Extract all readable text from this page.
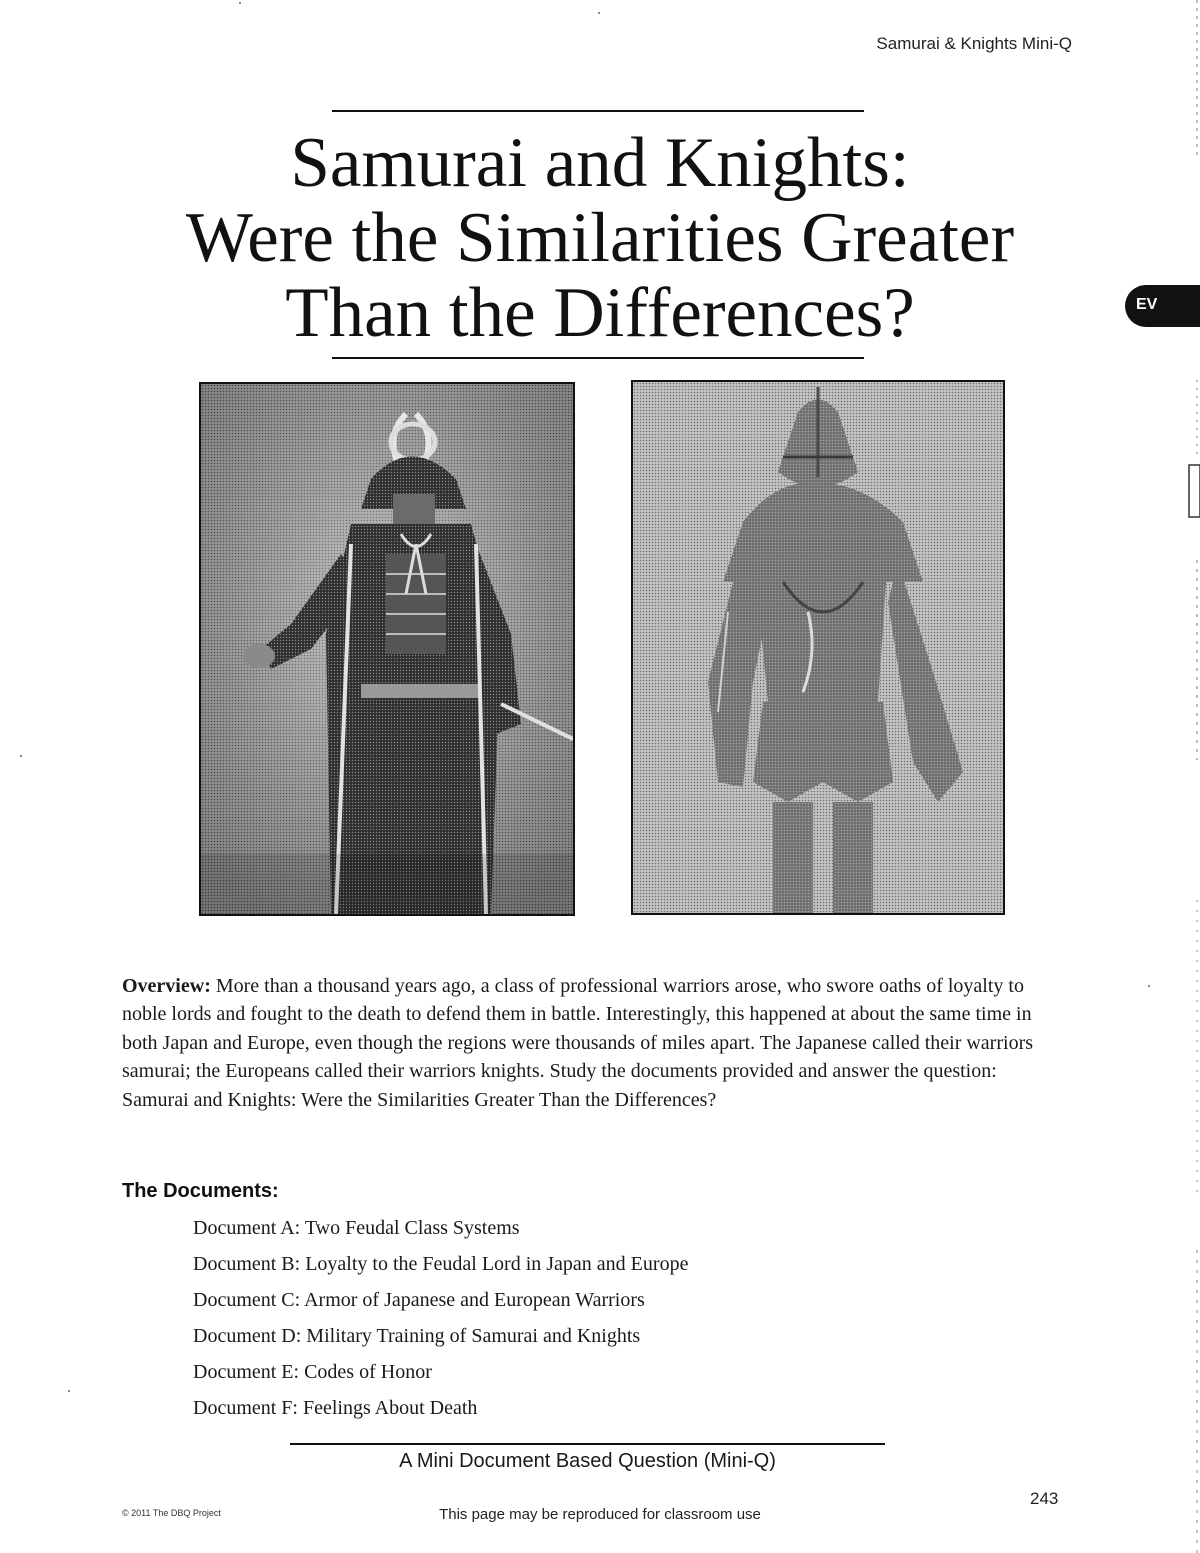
Samurai & Knights Mini-Q
Samurai and Knights:
Were the Similarities Greater
Than the Differences?	EV

Overview: More than a thousand years ago, a class of professional warriors arose, who swore oaths of loyalty to noble lords and fought to the death to defend them in battle. Interestingly, this happened at about the same time in both Japan and Europe, even though the regions were thousands of miles apart. The Japanese called their warriors samurai; the Europeans called their warriors knights. Study the documents provided and answer the question: Samurai and Knights: Were the Similarities Greater Than the Differences?

The Documents:
Document A: Two Feudal Class Systems
Document B: Loyalty to the Feudal Lord in Japan and Europe
Document C: Armor of Japanese and European Warriors
Document D: Military Training of Samurai and Knights
Document E: Codes of Honor
Document F: Feelings About Death
A Mini Document Based Question (Mini-Q)
© 2011 The DBQ Project	This page may be reproduced for classroom use
243
